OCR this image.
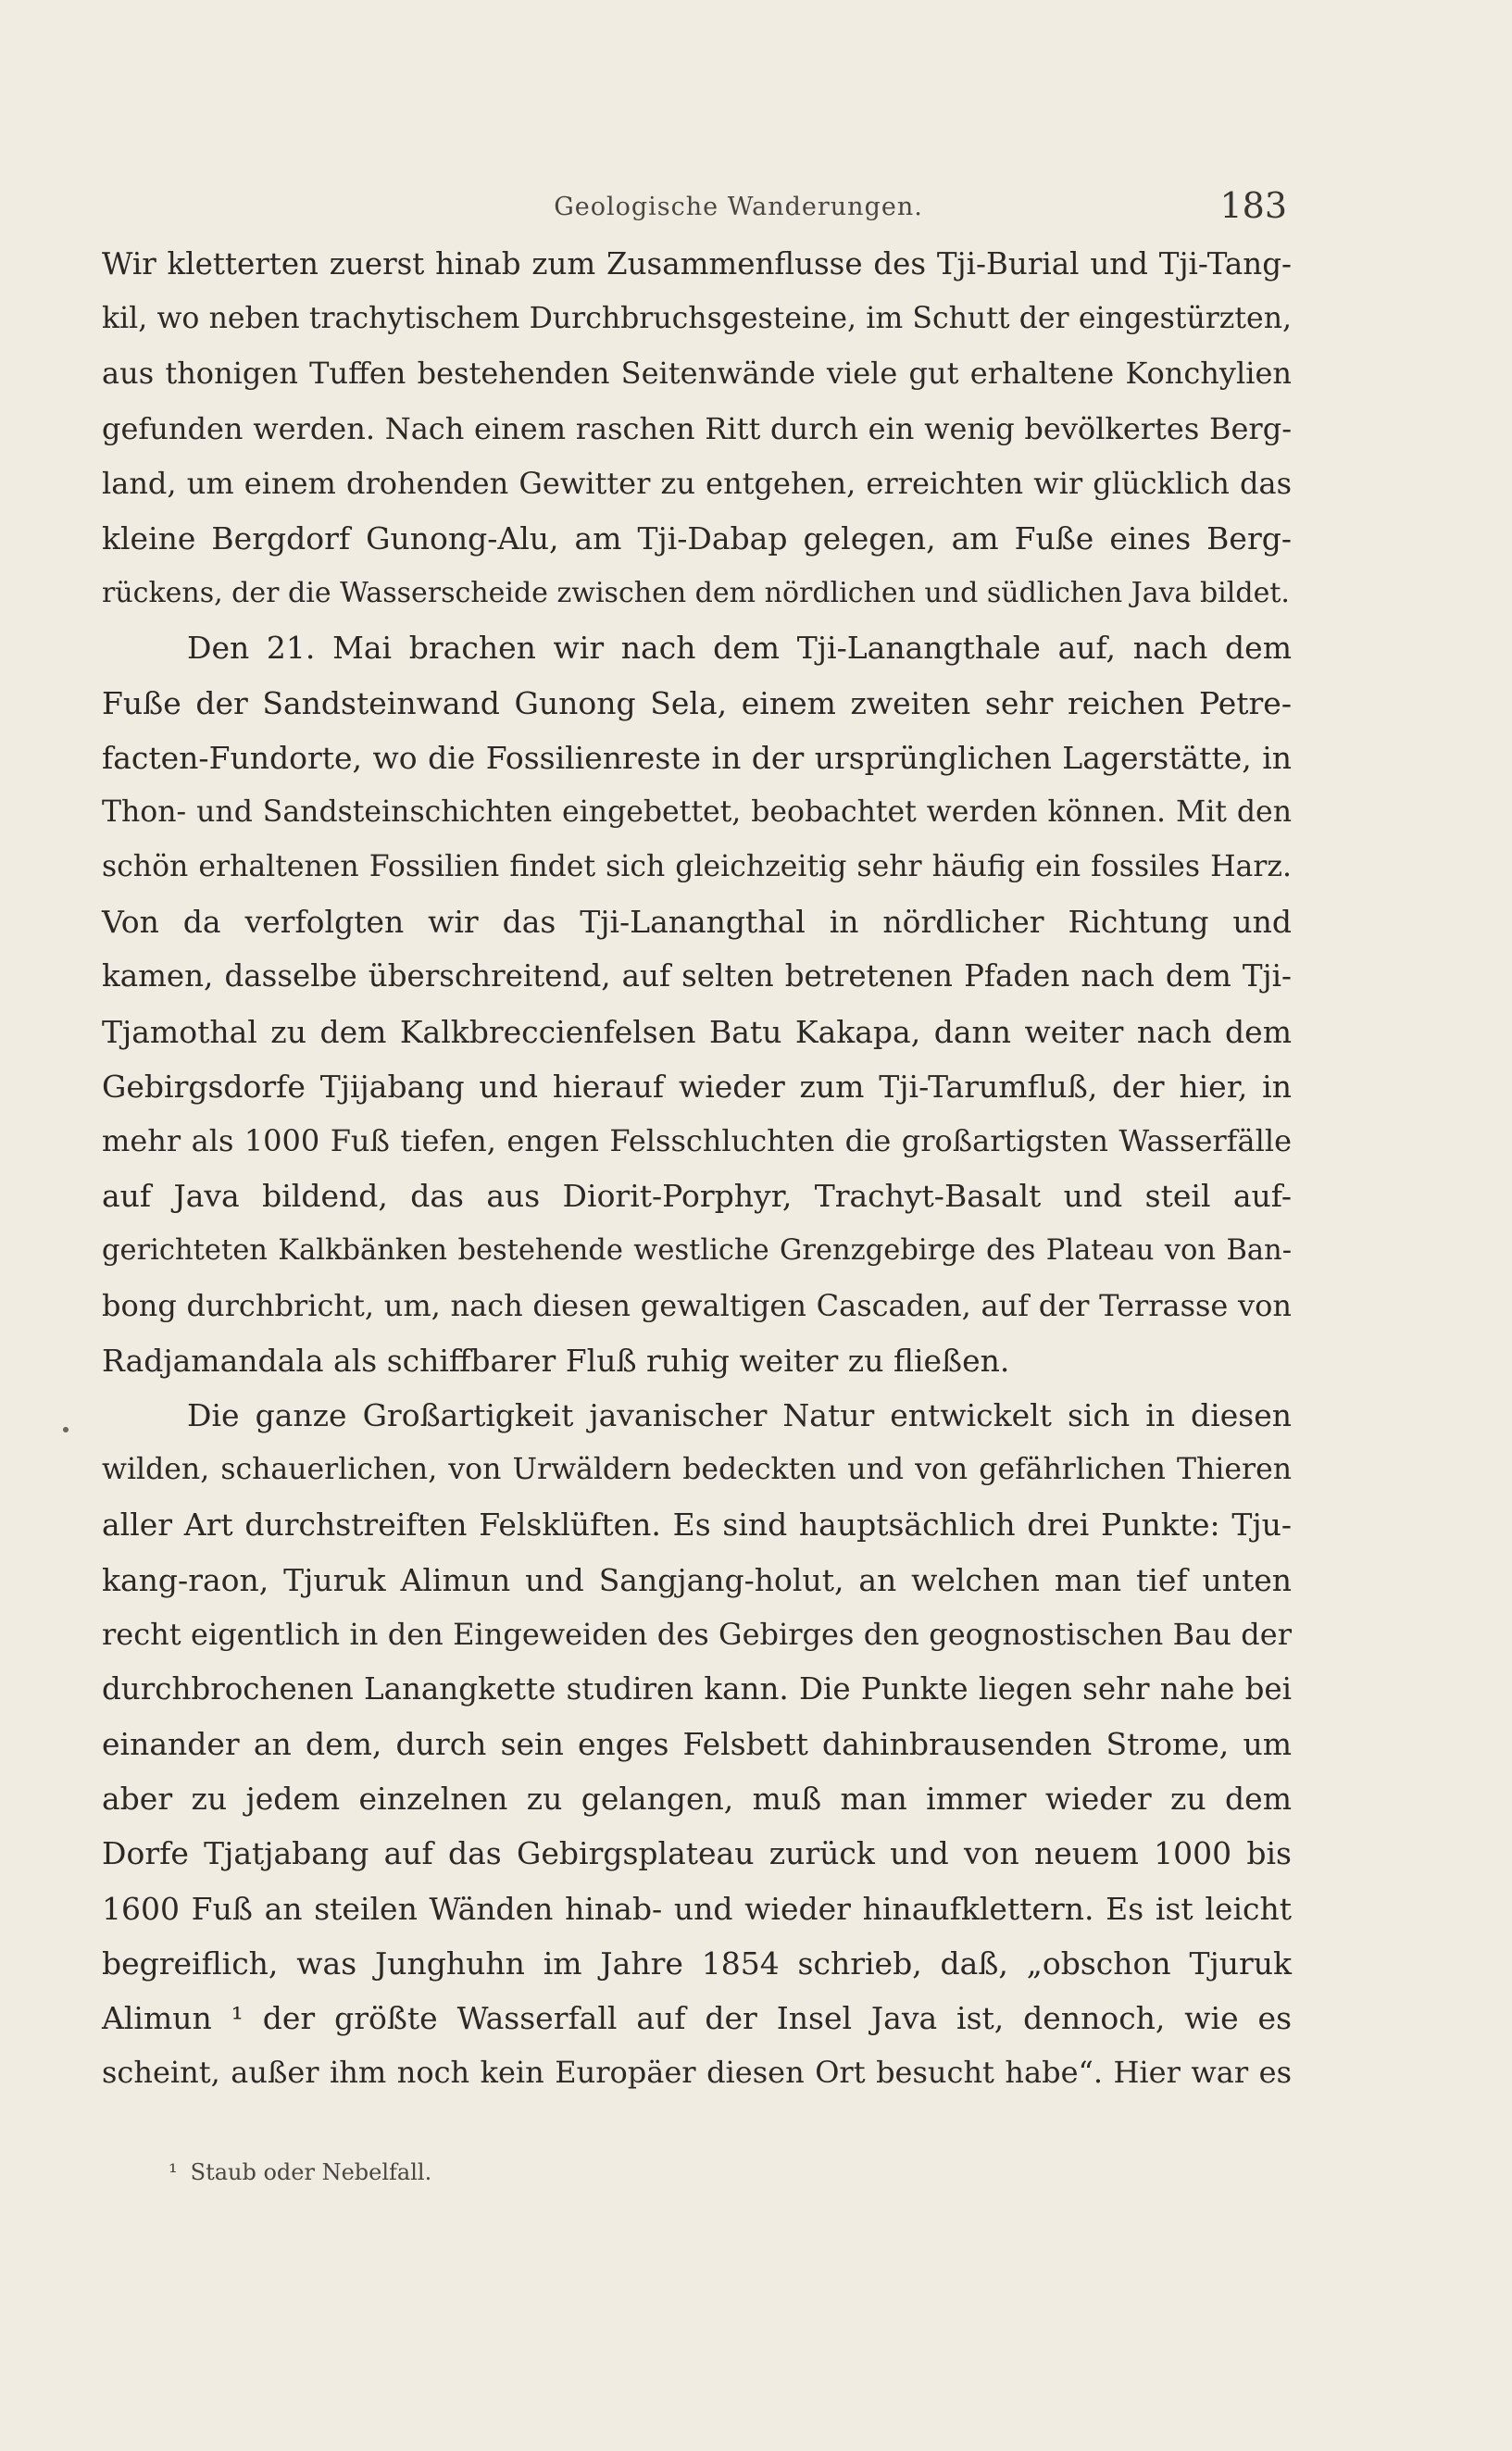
Geologische Wanderungen.	183
Wir kletterten zuerst hinab zum Zusammenflusse des Tji-Burial und Tji-Tang-
kil, wo neben trachytischem Durchbruchsgesteine, im Schutt der eingestürzten,
aus thonigen Tuffen bestehenden Seitenwände viele gut erhaltene Konchylien
gefunden werden. Nach einem raschen Ritt durch ein wenig bevölkertes Berg-
land, um einem drohenden Gewitter zu entgehen, erreichten wir glücklich das
kleine Bergdorf Gunong-Alu, am Tji-Dabap gelegen, am Fuße eines Berg-
rückens, der die Wasserscheide zwischen dem nördlichen und südlichen Java bildet.
Den 21. Mai brachen wir nach dem Tji-Lanangthale auf, nach dem
Fuße der Sandsteinwand Gunong Sela, einem zweiten sehr reichen Petre-
facten-Fundorte, wo die Fossilienreste in der ursprünglichen Lagerstätte, in
Thon- und Sandsteinschichten eingebettet, beobachtet werden können. Mit den
schön erhaltenen Fossilien findet sich gleichzeitig sehr häufig ein fossiles Harz.
Von da verfolgten wir das Tji-Lanangthal in nördlicher Richtung und
kamen, dasselbe überschreitend, auf selten betretenen Pfaden nach dem Tji-
Tjamothal zu dem Kalkbreccienfelsen Batu Kakapa, dann weiter nach dem
Gebirgsdorfe Tjijabang und hierauf wieder zum Tji-Tarumfluß, der hier, in
mehr als 1000 Fuß tiefen, engen Felsschluchten die großartigsten Wasserfälle
auf Java bildend, das aus Diorit-Porphyr, Trachyt-Basalt und steil auf-
gerichteten Kalkbänken bestehende westliche Grenzgebirge des Plateau von Ban-
bong durchbricht, um, nach diesen gewaltigen Cascaden, auf der Terrasse von
Radjamandala als schiffbarer Fluß ruhig weiter zu fließen.
Die ganze Großartigkeit javanischer Natur entwickelt sich in diesen
wilden, schauerlichen, von Urwäldern bedeckten und von gefährlichen Thieren
aller Art durchstreiften Felsklüften. Es sind hauptsächlich drei Punkte: Tju-
kang-raon, Tjuruk Alimun und Sangjang-holut, an welchen man tief unten
recht eigentlich in den Eingeweiden des Gebirges den geognostischen Bau der
durchbrochenen Lanangkette studiren kann. Die Punkte liegen sehr nahe bei
einander an dem, durch sein enges Felsbett dahinbrausenden Strome, um
aber zu jedem einzelnen zu gelangen, muß man immer wieder zu dem
Dorfe Tjatjabang auf das Gebirgsplateau zurück und von neuem 1000 bis
1600 Fuß an steilen Wänden hinab- und wieder hinaufklettern. Es ist leicht
begreiflich, was Junghuhn im Jahre 1854 schrieb, daß, „obschon Tjuruk
Alimun ¹ der größte Wasserfall auf der Insel Java ist, dennoch, wie es
scheint, außer ihm noch kein Europäer diesen Ort besucht habe“. Hier war es
¹ Staub oder Nebelfall.
